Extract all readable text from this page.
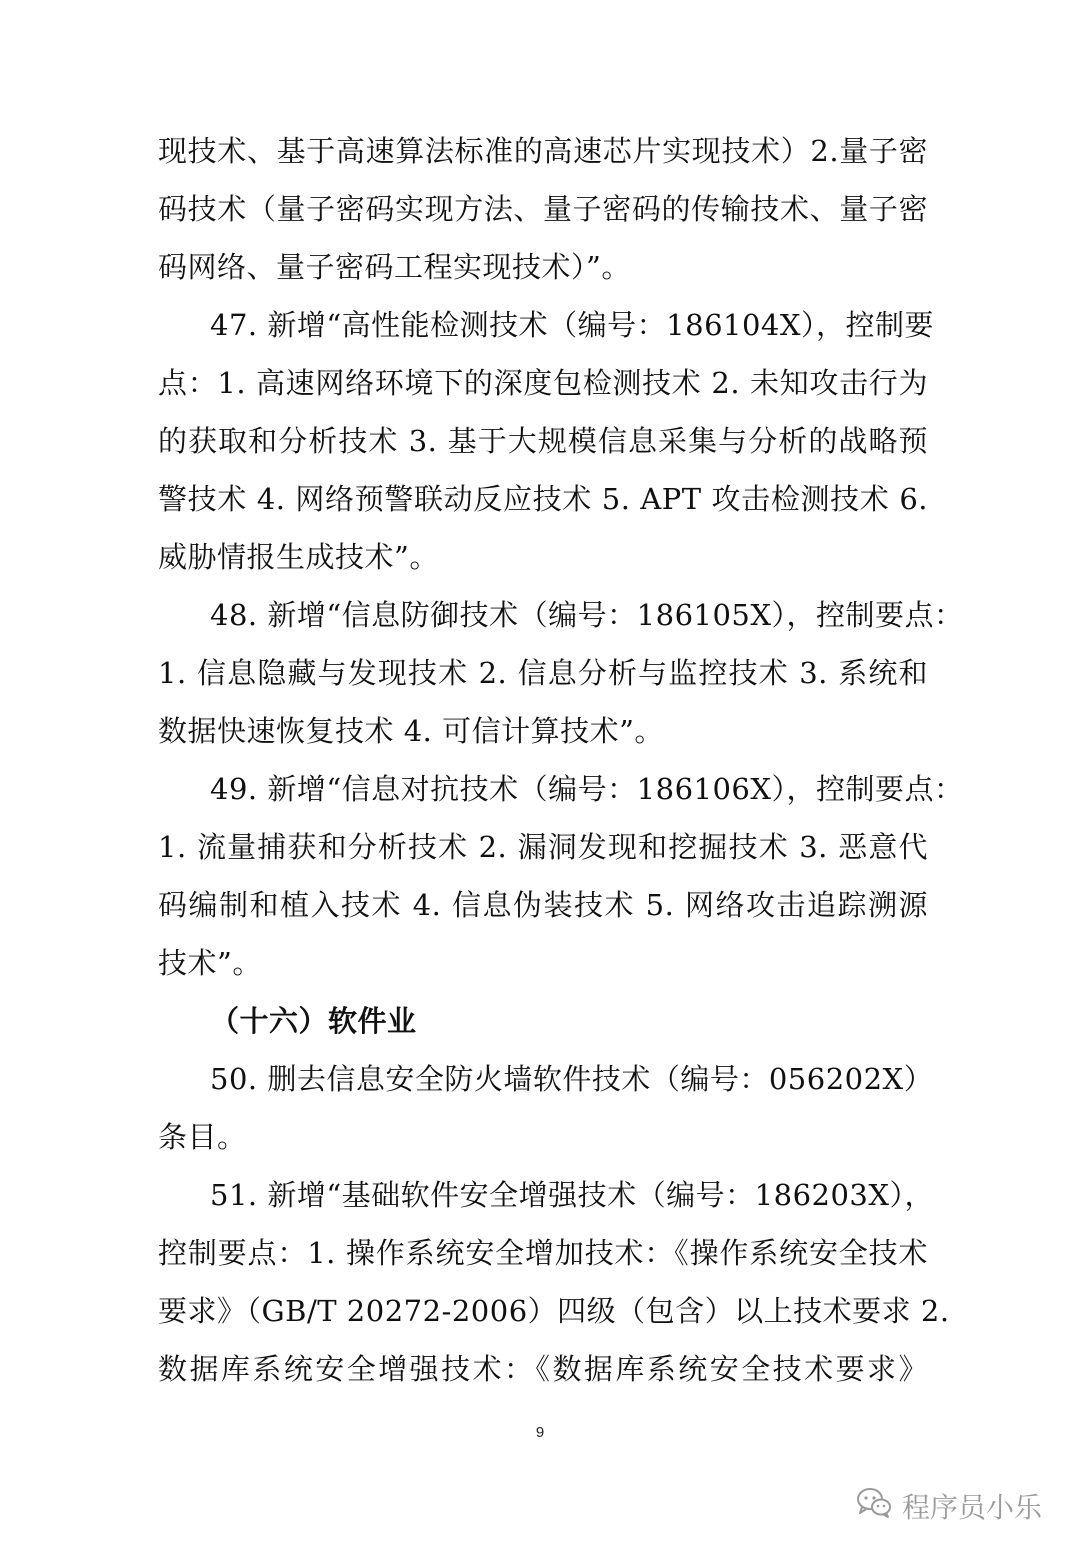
现技术、基于高速算法标准的高速芯片实现技术）2.量子密
码技术（量子密码实现方法、量子密码的传输技术、量子密
码网络、量子密码工程实现技术）”。
47. 新增“高性能检测技术（编号：186104X），控制要
点：1. 高速网络环境下的深度包检测技术 2. 未知攻击行为
的获取和分析技术 3. 基于大规模信息采集与分析的战略预
警技术 4. 网络预警联动反应技术 5. APT 攻击检测技术 6.
威胁情报生成技术”。
48. 新增“信息防御技术（编号：186105X），控制要点：
1. 信息隐藏与发现技术 2. 信息分析与监控技术 3. 系统和
数据快速恢复技术 4. 可信计算技术”。
49. 新增“信息对抗技术（编号：186106X），控制要点：
1. 流量捕获和分析技术 2. 漏洞发现和挖掘技术 3. 恶意代
码编制和植入技术 4. 信息伪装技术 5. 网络攻击追踪溯源
技术”。
（十六）软件业
50. 删去信息安全防火墙软件技术（编号：056202X）
条目。
51. 新增“基础软件安全增强技术（编号：186203X），
控制要点：1. 操作系统安全增加技术：《操作系统安全技术
要求》（GB/T 20272-2006）四级（包含）以上技术要求 2.
数据库系统安全增强技术：《数据库系统安全技术要求》
9
程序员小乐
